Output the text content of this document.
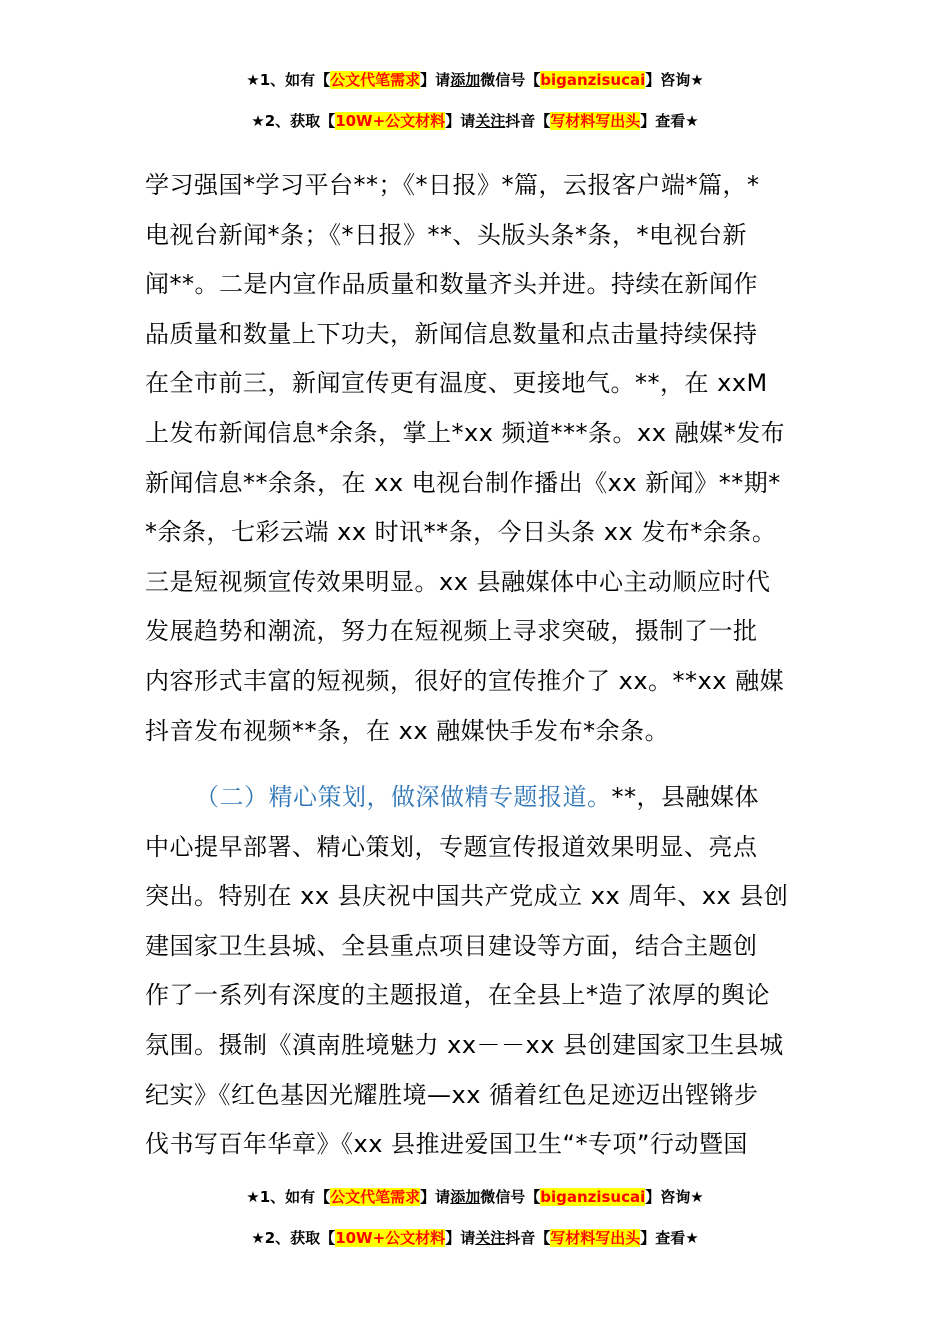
★1、如有【公文代笔需求】请添加微信号【biganzisucai】咨询★
★2、获取【10W+公文材料】请关注抖音【写材料写出头】查看★
学习强国*学习平台**；《*日报》*篇，云报客户端*篇，*
电视台新闻*条；《*日报》**、头版头条*条，*电视台新
闻**。二是内宣作品质量和数量齐头并进。持续在新闻作
品质量和数量上下功夫，新闻信息数量和点击量持续保持
在全市前三，新闻宣传更有温度、更接地气。**，在 xxM
上发布新闻信息*余条，掌上*xx 频道***条。xx 融媒*发布
新闻信息**余条，在 xx 电视台制作播出《xx 新闻》**期*
*余条，七彩云端 xx 时讯**条，今日头条 xx 发布*余条。
三是短视频宣传效果明显。xx 县融媒体中心主动顺应时代
发展趋势和潮流，努力在短视频上寻求突破，摄制了一批
内容形式丰富的短视频，很好的宣传推介了 xx。**xx 融媒
抖音发布视频**条，在 xx 融媒快手发布*余条。
（二）精心策划，做深做精专题报道。**，县融媒体
中心提早部署、精心策划，专题宣传报道效果明显、亮点
突出。特别在 xx 县庆祝中国共产党成立 xx 周年、xx 县创
建国家卫生县城、全县重点项目建设等方面，结合主题创
作了一系列有深度的主题报道，在全县上*造了浓厚的舆论
氛围。摄制《滇南胜境魅力 xx－－xx 县创建国家卫生县城
纪实》《红色基因光耀胜境—xx 循着红色足迹迈出铿锵步
伐书写百年华章》《xx 县推进爱国卫生“*专项”行动暨国
★1、如有【公文代笔需求】请添加微信号【biganzisucai】咨询★
★2、获取【10W+公文材料】请关注抖音【写材料写出头】查看★
